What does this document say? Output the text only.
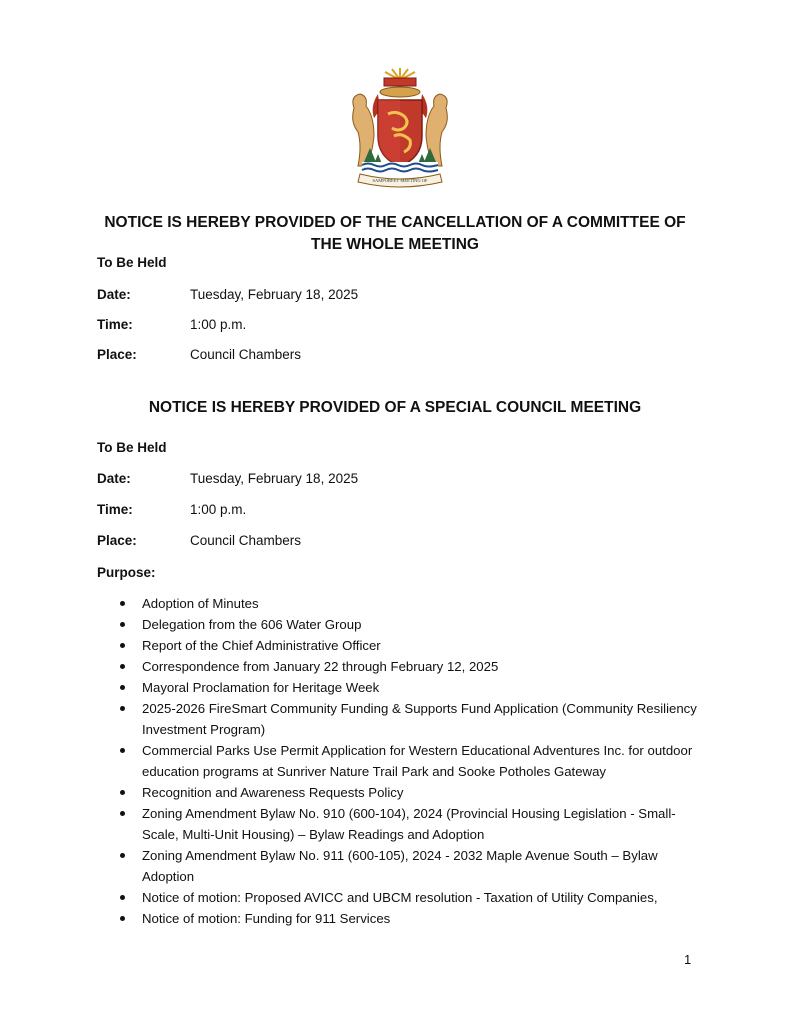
SAMPOREET MEETING OF
NOTICE IS HEREBY PROVIDED OF THE CANCELLATION OF A COMMITTEE OF THE WHOLE MEETING
To Be Held
Date:	Tuesday, February 18, 2025
Time:	1:00 p.m.
Place:	Council Chambers
NOTICE IS HEREBY PROVIDED OF A SPECIAL COUNCIL MEETING
To Be Held
Date:	Tuesday, February 18, 2025
Time:	1:00 p.m.
Place:	Council Chambers
Purpose:
Adoption of Minutes
Delegation from the 606 Water Group
Report of the Chief Administrative Officer
Correspondence from January 22 through February 12, 2025
Mayoral Proclamation for Heritage Week
2025-2026 FireSmart Community Funding & Supports Fund Application (Community Resiliency Investment Program)
Commercial Parks Use Permit Application for Western Educational Adventures Inc. for outdoor education programs at Sunriver Nature Trail Park and Sooke Potholes Gateway
Recognition and Awareness Requests Policy
Zoning Amendment Bylaw No. 910 (600-104), 2024 (Provincial Housing Legislation - Small-Scale, Multi-Unit Housing) – Bylaw Readings and Adoption
Zoning Amendment Bylaw No. 911 (600-105), 2024 - 2032 Maple Avenue South – Bylaw Adoption
Notice of motion: Proposed AVICC and UBCM resolution - Taxation of Utility Companies,
Notice of motion: Funding for 911 Services
1
